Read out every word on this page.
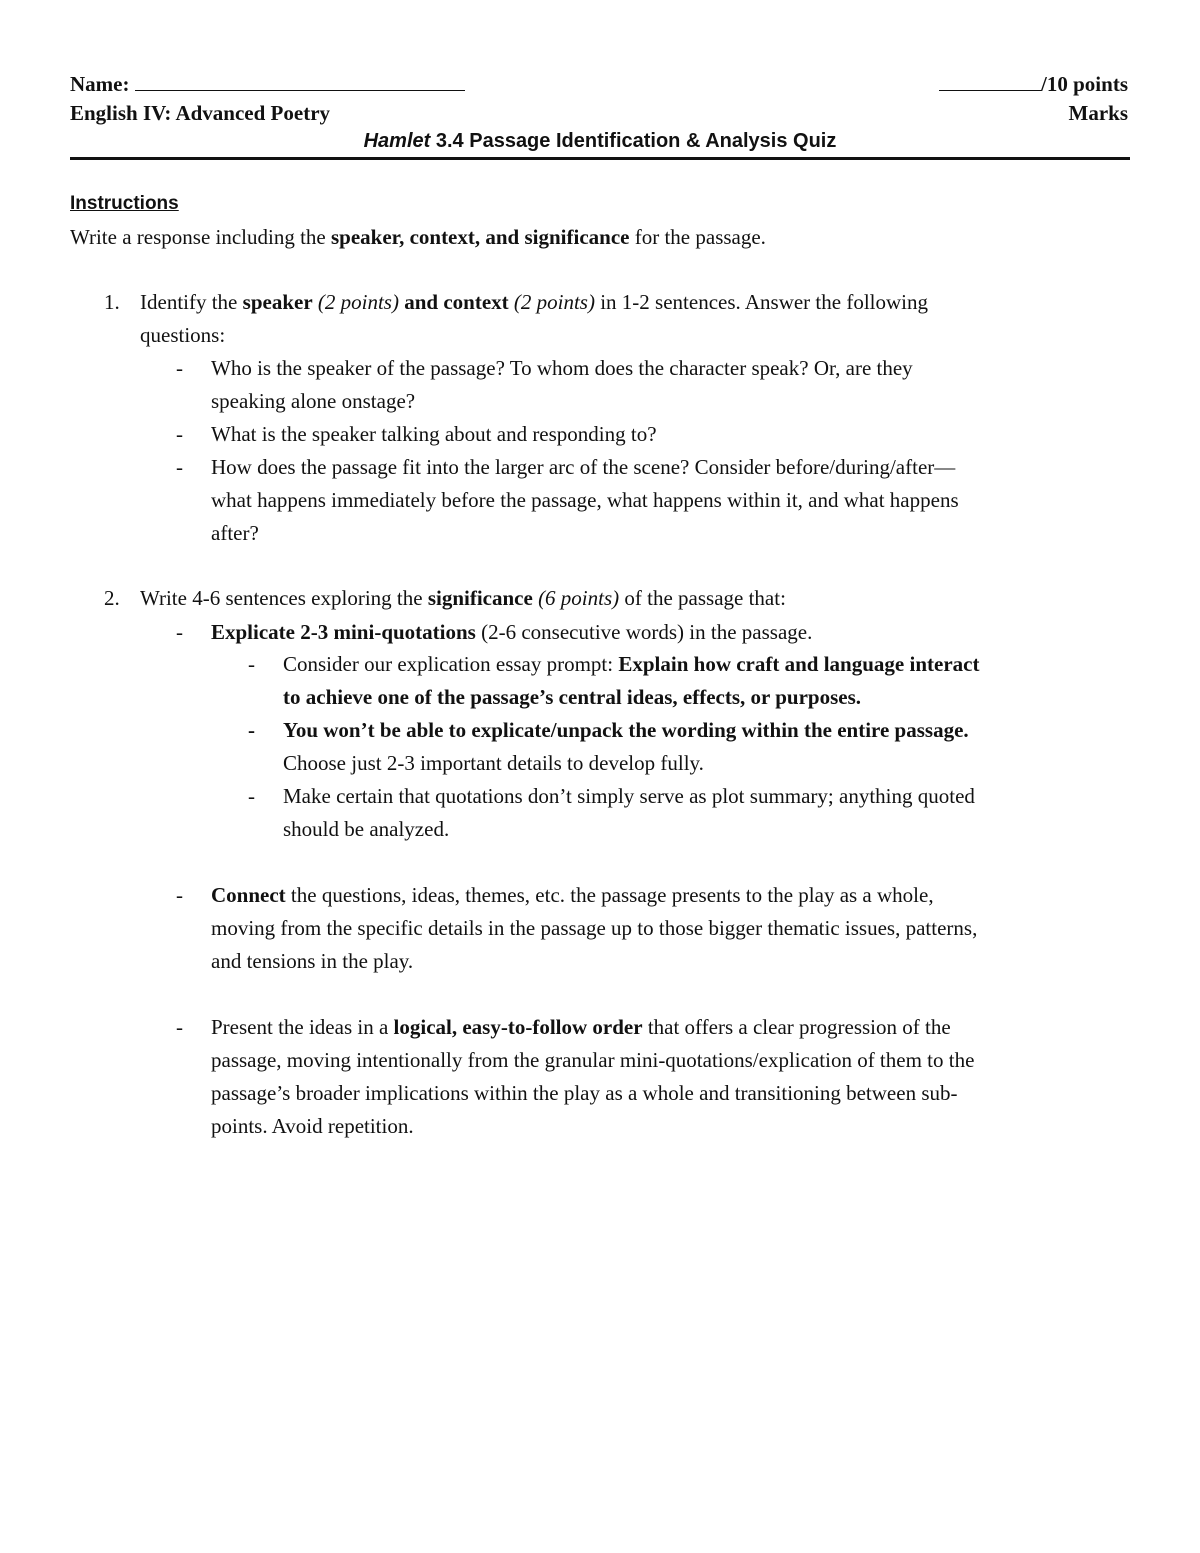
Name:	/10 points
English IV: Advanced Poetry	Marks
Hamlet 3.4 Passage Identification & Analysis Quiz
Instructions
Write a response including the speaker, context, and significance for the passage.
1. Identify the speaker (2 points) and context (2 points) in 1-2 sentences. Answer the following
questions:
- Who is the speaker of the passage? To whom does the character speak? Or, are they
speaking alone onstage?
- What is the speaker talking about and responding to?
- How does the passage fit into the larger arc of the scene? Consider before/during/after—
what happens immediately before the passage, what happens within it, and what happens
after?
2. Write 4-6 sentences exploring the significance (6 points) of the passage that:
- Explicate 2-3 mini-quotations (2-6 consecutive words) in the passage.
- Consider our explication essay prompt: Explain how craft and language interact
to achieve one of the passage’s central ideas, effects, or purposes.
- You won’t be able to explicate/unpack the wording within the entire passage.
Choose just 2-3 important details to develop fully.
- Make certain that quotations don’t simply serve as plot summary; anything quoted
should be analyzed.
- Connect the questions, ideas, themes, etc. the passage presents to the play as a whole,
moving from the specific details in the passage up to those bigger thematic issues, patterns,
and tensions in the play.
- Present the ideas in a logical, easy-to-follow order that offers a clear progression of the
passage, moving intentionally from the granular mini-quotations/explication of them to the
passage’s broader implications within the play as a whole and transitioning between sub-
points. Avoid repetition.
